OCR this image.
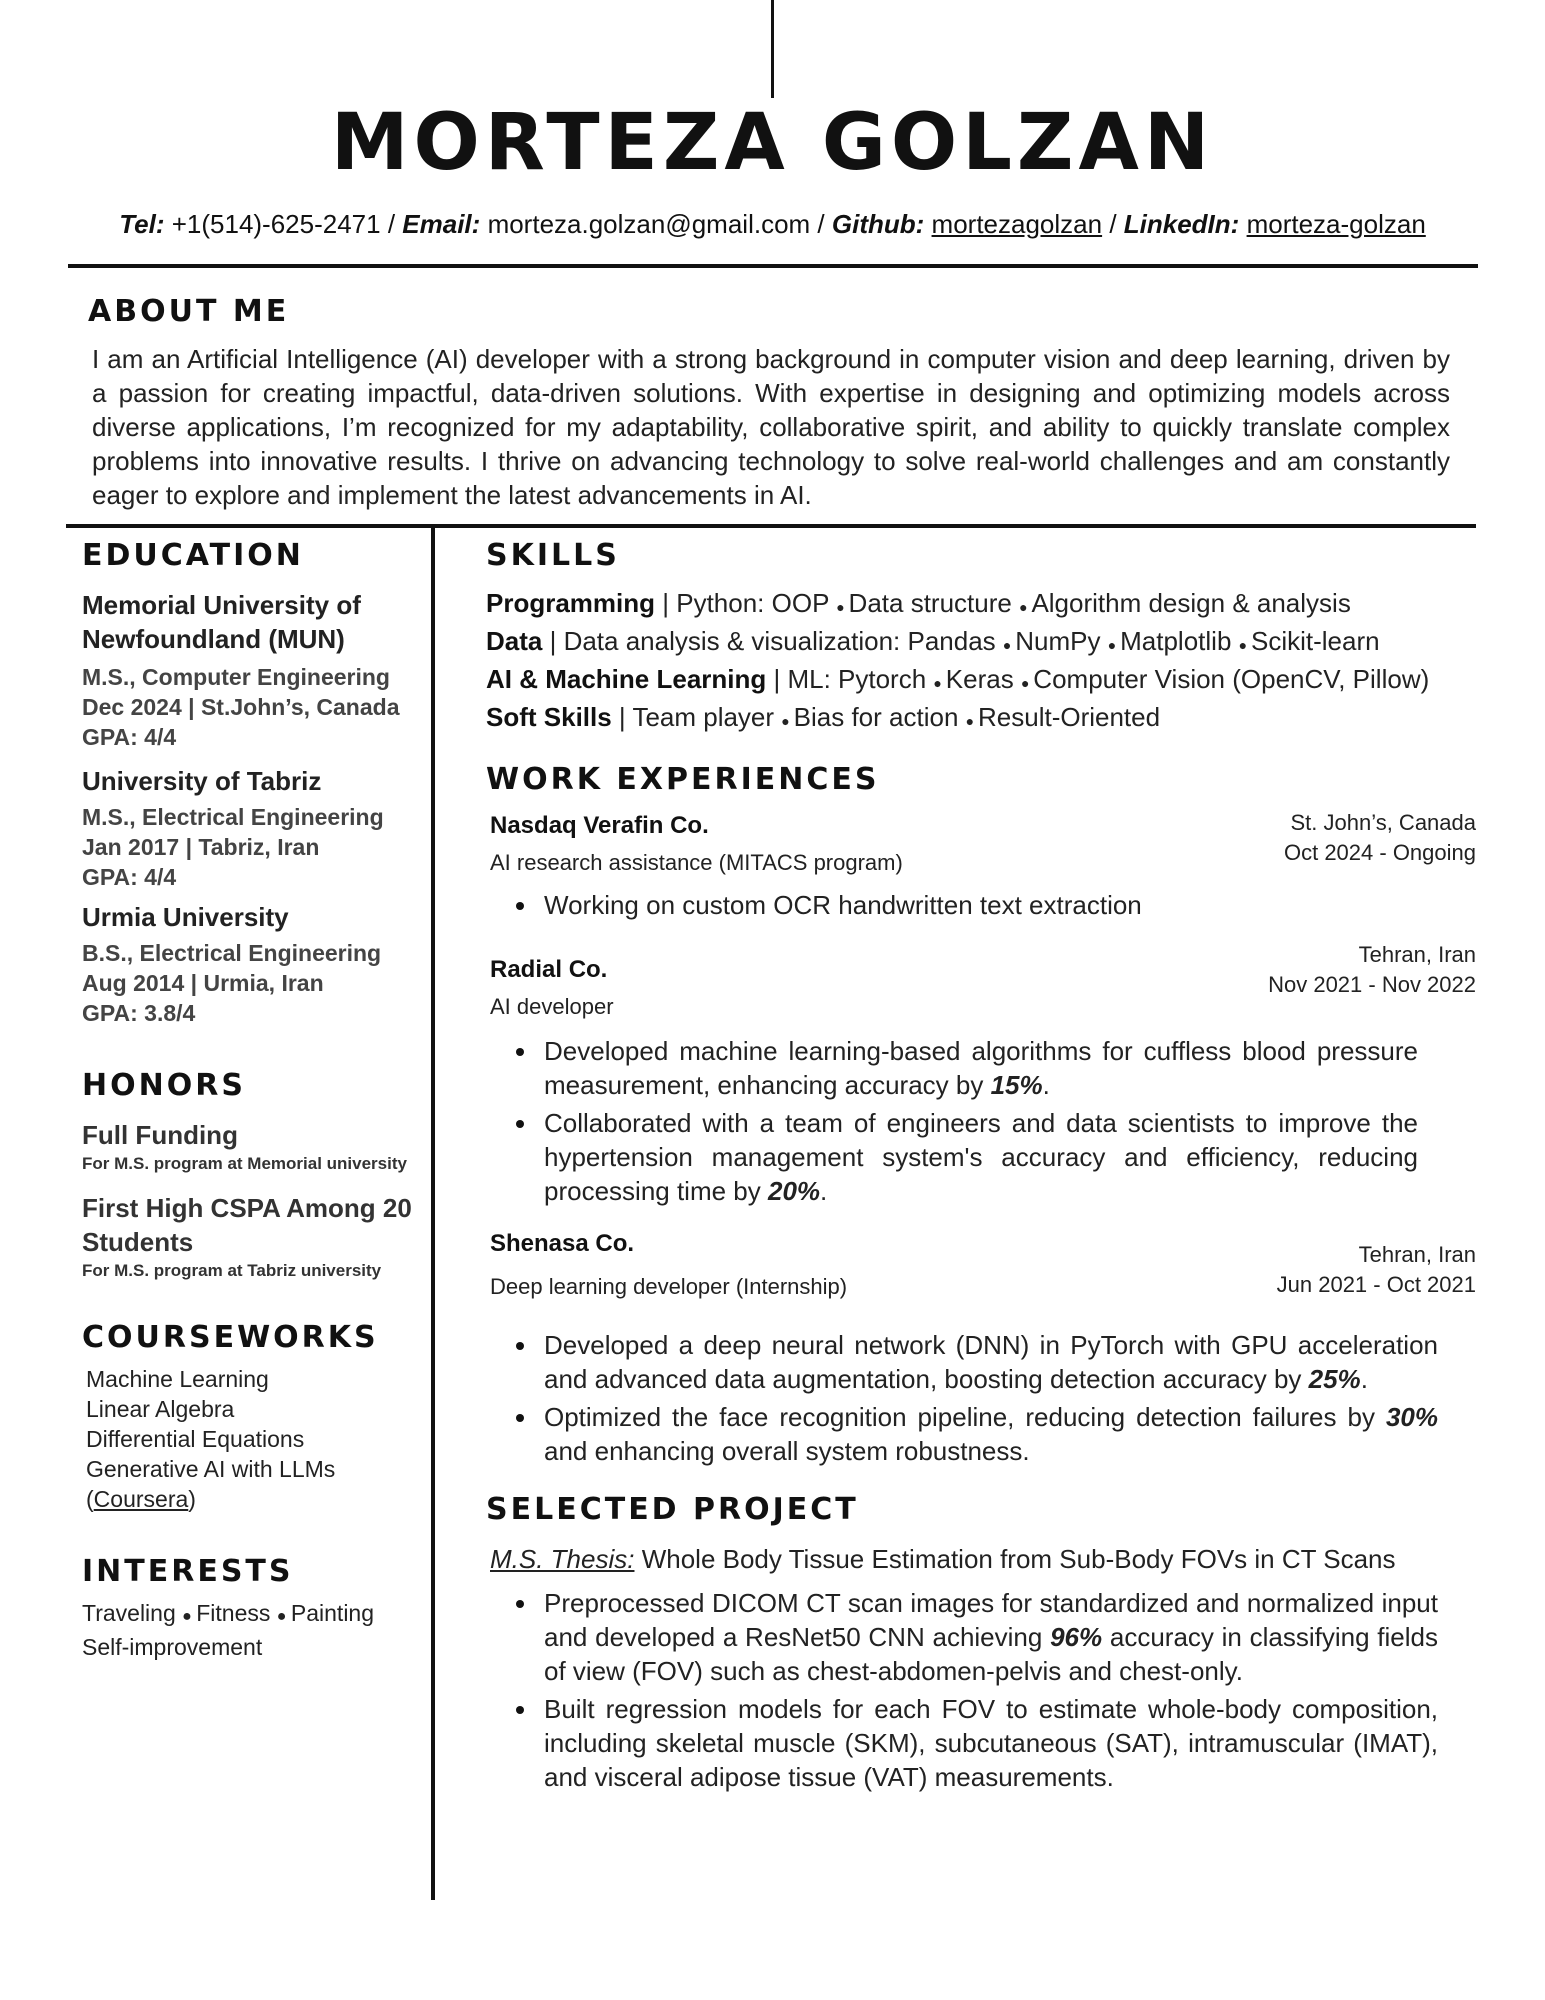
MORTEZA GOLZAN
Tel: +1(514)-625-2471 / Email: morteza.golzan@gmail.com / Github: mortezagolzan / LinkedIn: morteza-golzan
ABOUT ME
I am an Artificial Intelligence (AI) developer with a strong background in computer vision and deep learning, driven by a passion for creating impactful, data-driven solutions. With expertise in designing and optimizing models across diverse applications, I’m recognized for my adaptability, collaborative spirit, and ability to quickly translate complex problems into innovative results. I thrive on advancing technology to solve real-world challenges and am constantly eager to explore and implement the latest advancements in AI.
EDUCATION
Memorial University of Newfoundland (MUN)
M.S., Computer Engineering
Dec 2024 | St.John’s, Canada
GPA: 4/4
University of Tabriz
M.S., Electrical Engineering
Jan 2017 | Tabriz, Iran
GPA: 4/4
Urmia University
B.S., Electrical Engineering
Aug 2014 | Urmia, Iran
GPA: 3.8/4
HONORS
Full Funding
For M.S. program at Memorial university
First High CSPA Among 20 Students
For M.S. program at Tabriz university
COURSEWORKS
Machine Learning
Linear Algebra
Differential Equations
Generative AI with LLMs
(Coursera)
INTERESTS
Traveling ● Fitness ● Painting
Self-improvement
SKILLS
Programming | Python: OOP ● Data structure ● Algorithm design & analysis
Data | Data analysis & visualization: Pandas ● NumPy ● Matplotlib ● Scikit-learn
AI & Machine Learning | ML: Pytorch ● Keras ● Computer Vision (OpenCV, Pillow)
Soft Skills | Team player ● Bias for action ● Result-Oriented
WORK EXPERIENCES
St. John’s, Canada
Oct 2024 - Ongoing
Nasdaq Verafin Co.
AI research assistance (MITACS program)
Working on custom OCR handwritten text extraction
Tehran, Iran
Nov 2021 - Nov 2022
Radial Co.
AI developer
Developed machine learning-based algorithms for cuffless blood pressure measurement, enhancing accuracy by 15%.
Collaborated with a team of engineers and data scientists to improve the hypertension management system's accuracy and efficiency, reducing processing time by 20%.
Tehran, Iran
Jun 2021 - Oct 2021
Shenasa Co.
Deep learning developer (Internship)
Developed a deep neural network (DNN) in PyTorch with GPU acceleration and advanced data augmentation, boosting detection accuracy by 25%.
Optimized the face recognition pipeline, reducing detection failures by 30% and enhancing overall system robustness.
SELECTED PROJECT
M.S. Thesis: Whole Body Tissue Estimation from Sub-Body FOVs in CT Scans
Preprocessed DICOM CT scan images for standardized and normalized input and developed a ResNet50 CNN achieving 96% accuracy in classifying fields of view (FOV) such as chest-abdomen-pelvis and chest-only.
Built regression models for each FOV to estimate whole-body composition, including skeletal muscle (SKM), subcutaneous (SAT), intramuscular (IMAT), and visceral adipose tissue (VAT) measurements.
